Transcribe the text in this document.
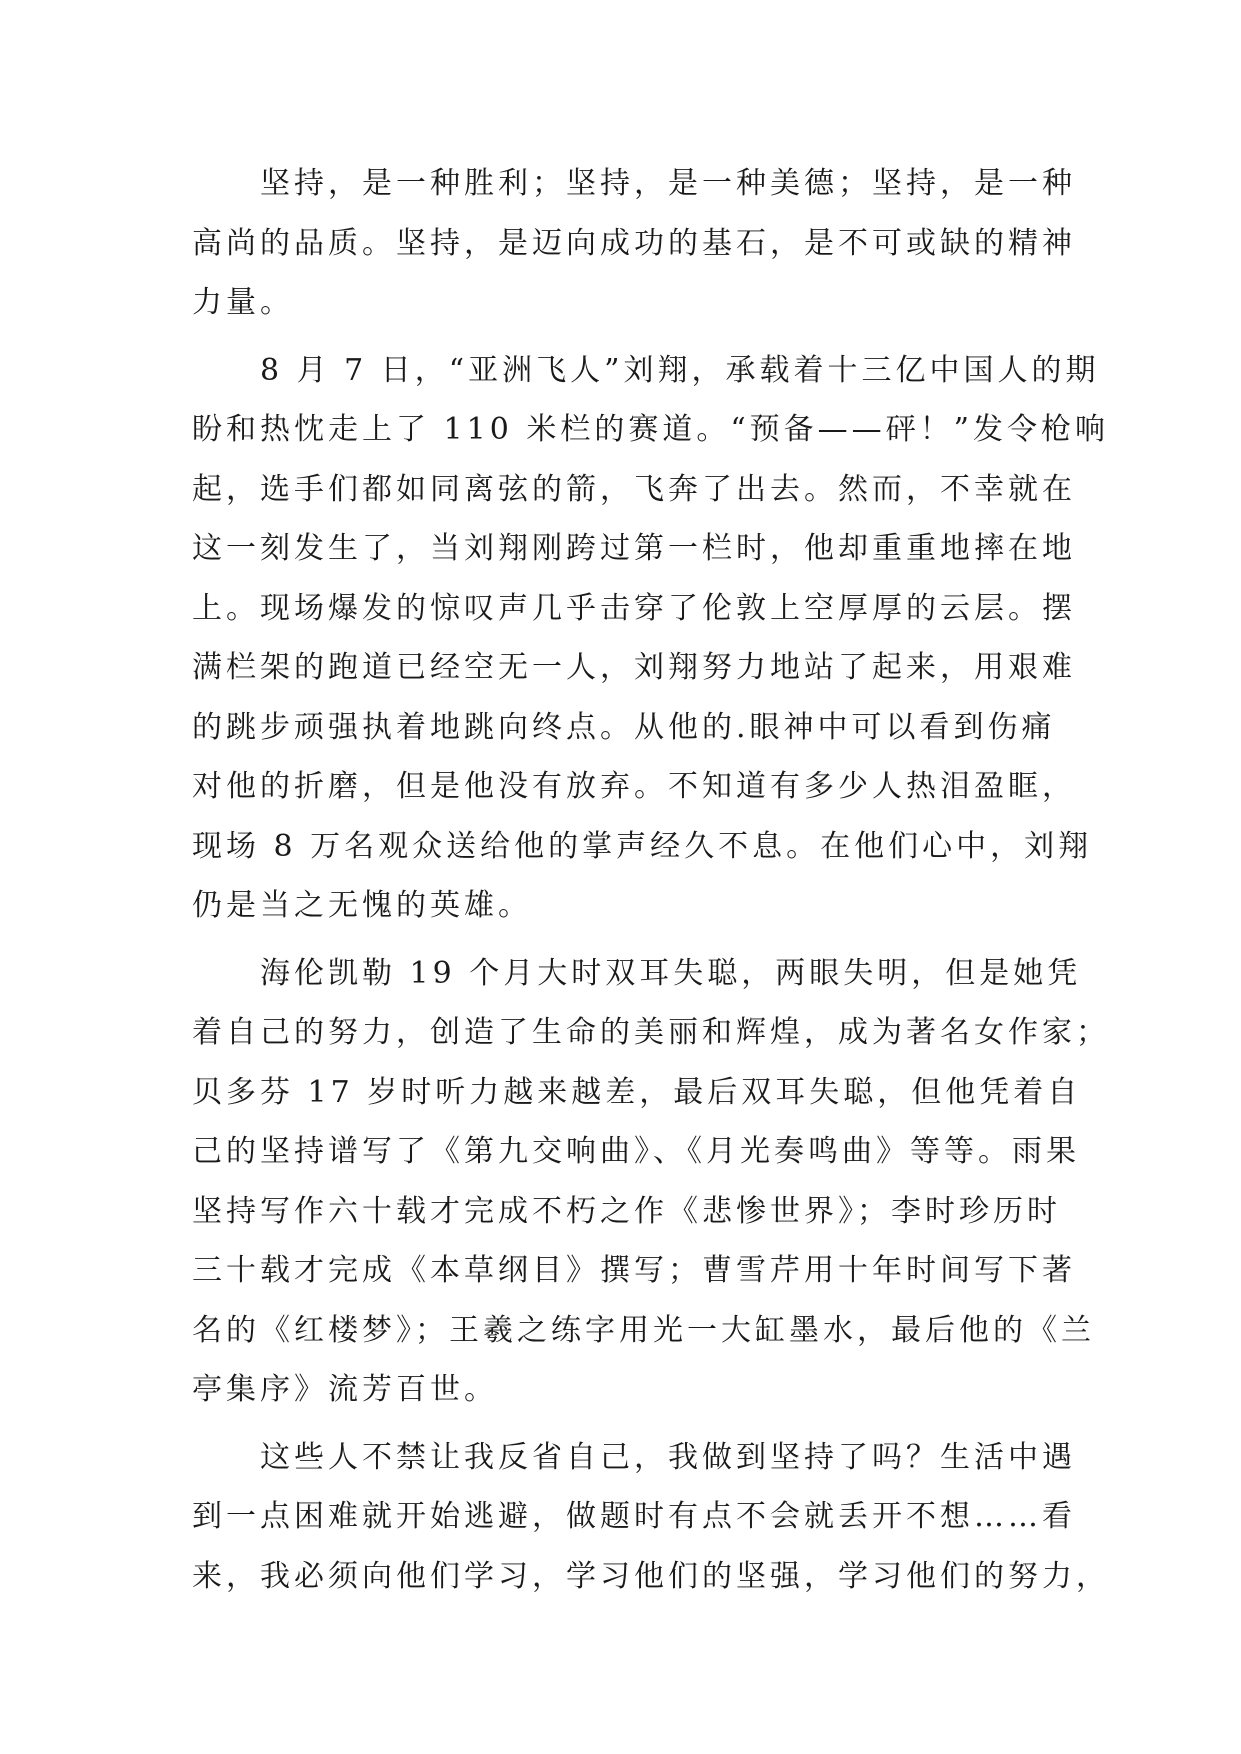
　　坚持，是一种胜利；坚持，是一种美德；坚持，是一种
高尚的品质。坚持，是迈向成功的基石，是不可或缺的精神
力量。
　　8 月 7 日，“亚洲飞人”刘翔，承载着十三亿中国人的期
盼和热忱走上了 110 米栏的赛道。“预备——砰！”发令枪响
起，选手们都如同离弦的箭，飞奔了出去。然而，不幸就在
这一刻发生了，当刘翔刚跨过第一栏时，他却重重地摔在地
上。现场爆发的惊叹声几乎击穿了伦敦上空厚厚的云层。摆
满栏架的跑道已经空无一人，刘翔努力地站了起来，用艰难
的跳步顽强执着地跳向终点。从他的.眼神中可以看到伤痛
对他的折磨，但是他没有放弃。不知道有多少人热泪盈眶，
现场 8 万名观众送给他的掌声经久不息。在他们心中，刘翔
仍是当之无愧的英雄。
　　海伦凯勒 19 个月大时双耳失聪，两眼失明，但是她凭
着自己的努力，创造了生命的美丽和辉煌，成为著名女作家；
贝多芬 17 岁时听力越来越差，最后双耳失聪，但他凭着自
己的坚持谱写了《第九交响曲》、《月光奏鸣曲》等等。雨果
坚持写作六十载才完成不朽之作《悲惨世界》；李时珍历时
三十载才完成《本草纲目》撰写；曹雪芹用十年时间写下著
名的《红楼梦》；王羲之练字用光一大缸墨水，最后他的《兰
亭集序》流芳百世。
　　这些人不禁让我反省自己，我做到坚持了吗？生活中遇
到一点困难就开始逃避，做题时有点不会就丢开不想……看
来，我必须向他们学习，学习他们的坚强，学习他们的努力，
